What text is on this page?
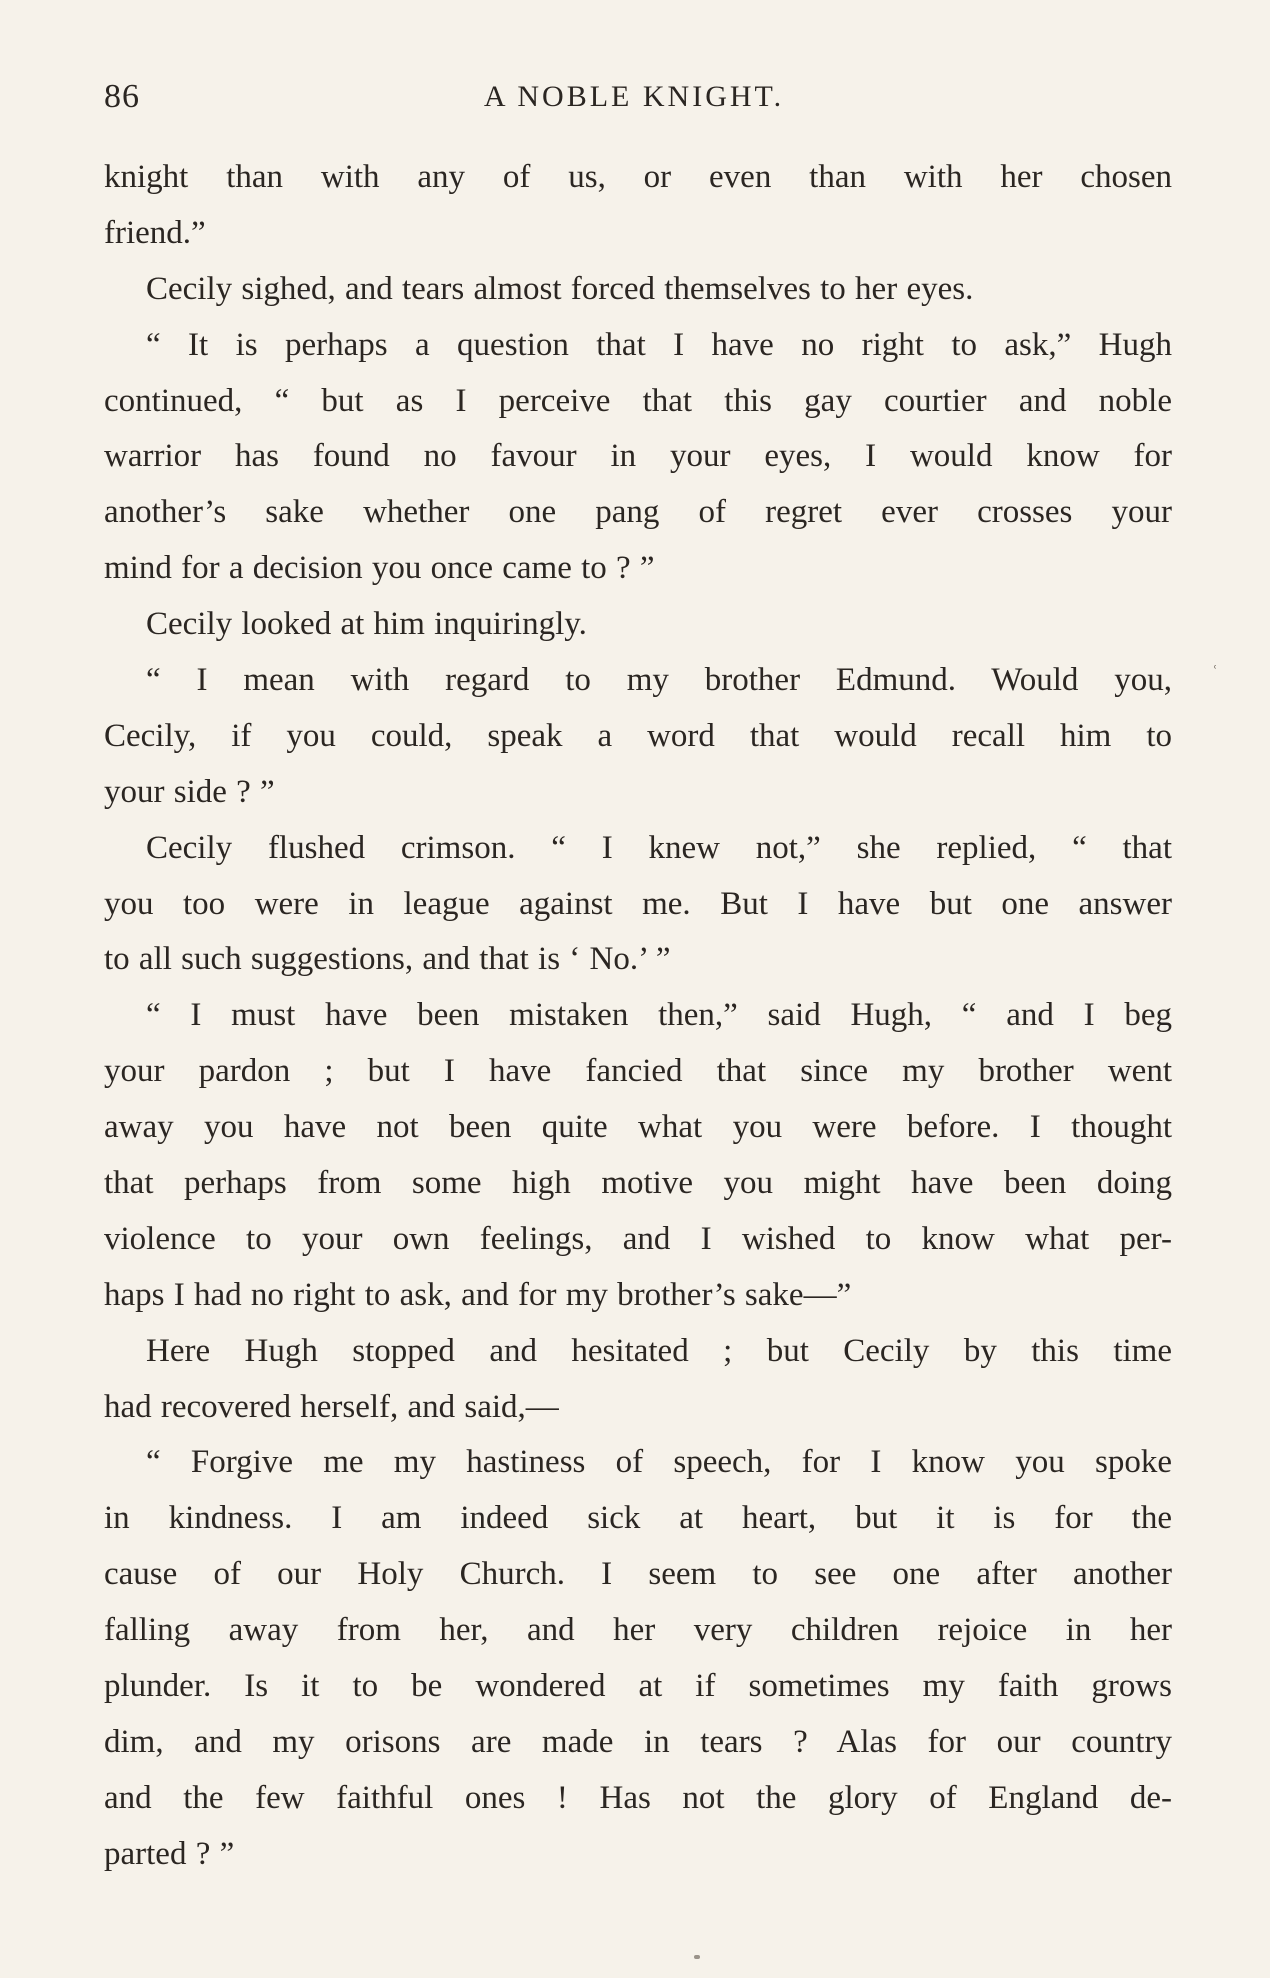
86	A NOBLE KNIGHT.
knight than with any of us, or even than with her chosen
friend.”
Cecily sighed, and tears almost forced themselves to her eyes.
“ It is perhaps a question that I have no right to ask,” Hugh
continued, “ but as I perceive that this gay courtier and noble
warrior has found no favour in your eyes, I would know for
another’s sake whether one pang of regret ever crosses your
mind for a decision you once came to ? ”
Cecily looked at him inquiringly.
“ I mean with regard to my brother Edmund. Would you,
Cecily, if you could, speak a word that would recall him to
your side ? ”
Cecily flushed crimson. “ I knew not,” she replied, “ that
you too were in league against me. But I have but one answer
to all such suggestions, and that is ‘ No.’ ”
“ I must have been mistaken then,” said Hugh, “ and I beg
your pardon ; but I have fancied that since my brother went
away you have not been quite what you were before. I thought
that perhaps from some high motive you might have been doing
violence to your own feelings, and I wished to know what per-
haps I had no right to ask, and for my brother’s sake—”
Here Hugh stopped and hesitated ; but Cecily by this time
had recovered herself, and said,—
“ Forgive me my hastiness of speech, for I know you spoke
in kindness. I am indeed sick at heart, but it is for the
cause of our Holy Church. I seem to see one after another
falling away from her, and her very children rejoice in her
plunder. Is it to be wondered at if sometimes my faith grows
dim, and my orisons are made in tears ? Alas for our country
and the few faithful ones ! Has not the glory of England de-
parted ? ”
ʿ
